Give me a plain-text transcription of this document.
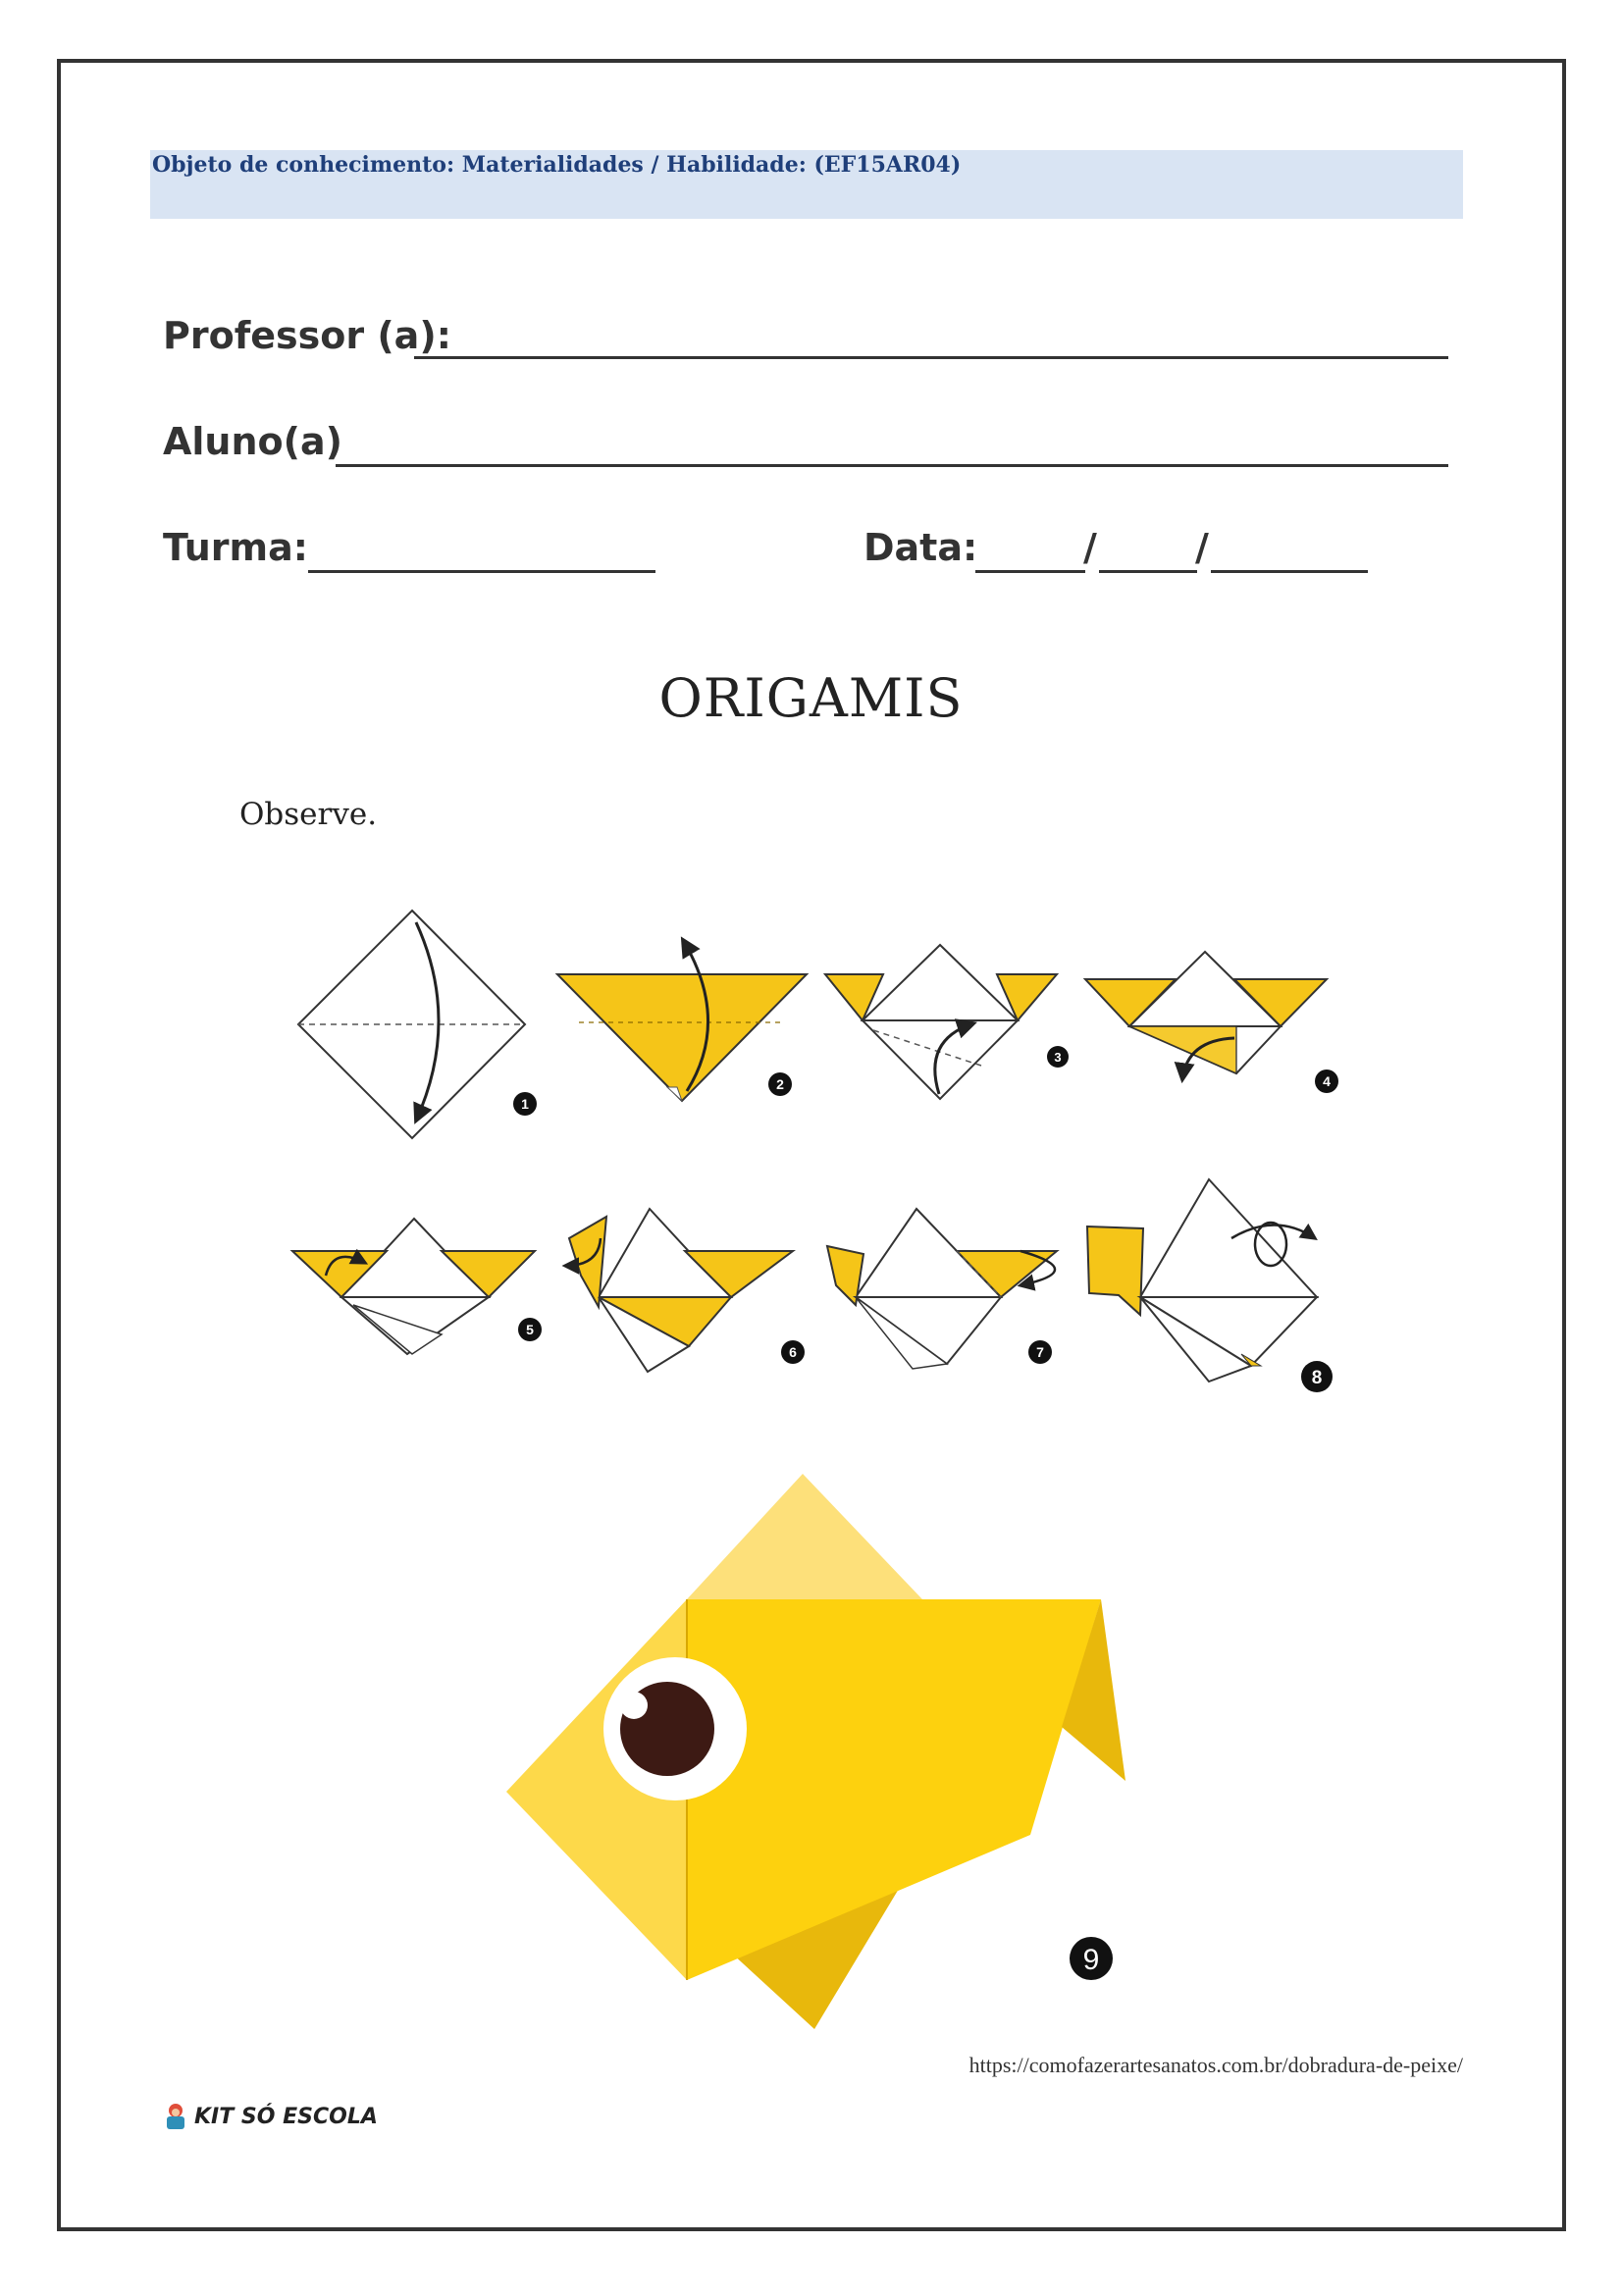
Objeto de conhecimento: Materialidades / Habilidade: (EF15AR04)
Professor (a):
Aluno(a)
Turma:	Data:	/	/
ORIGAMIS
Observe.
1
2
3
4
5
6	7
8
9
https://comofazerartesanatos.com.br/dobradura-de-peixe/
KIT SÓ ESCOLA
